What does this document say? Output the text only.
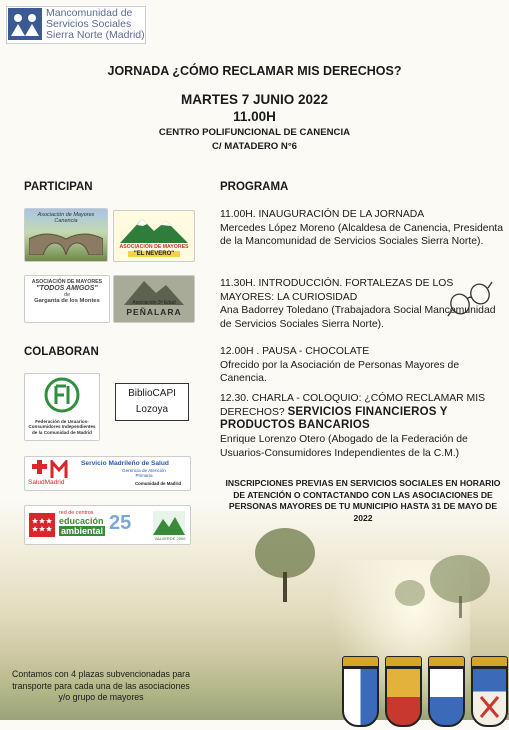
Mancomunidad de
Servicios Sociales
Sierra Norte (Madrid)
JORNADA ¿CÓMO RECLAMAR MIS DERECHOS?
MARTES 7 JUNIO 2022
11.00H
CENTRO POLIFUNCIONAL DE CANENCIA
C/ MATADERO N°6
PARTICIPAN
Asociación de Mayores Canencia
ASOCIACIÓN DE MAYORES
"EL NEVERO"
ASOCIACIÓN DE MAYORES
"TODOS AMIGOS"
de
Garganta de los Montes	Asociación 3ª Edad
PEÑALARA
COLABORAN
Federación de Usuarios-Consumidores Independientes de la Comunidad de Madrid
BiblioCAPI
Lozoya
SaludMadrid
Servicio Madrileño de Salud
Gerencia de Atención Primaria
Comunidad de Madrid
red de centros
educación
ambiental 25
VALVERDE 2000
PROGRAMA
11.00H. INAUGURACIÓN DE LA JORNADA
Mercedes López Moreno (Alcaldesa de Canencia, Presidenta de la Mancomunidad de Servicios Sociales Sierra Norte).
11.30H. INTRODUCCIÓN. FORTALEZAS DE LOS MAYORES: LA CURIOSIDAD
Ana Badorrey Toledano (Trabajadora Social Mancomunidad de Servicios Sociales Sierra Norte).
12.00H . PAUSA - CHOCOLATE
Ofrecido por la Asociación de Personas Mayores de Canencia.
12.30. CHARLA - COLOQUIO: ¿CÓMO RECLAMAR MIS DERECHOS? SERVICIOS FINANCIEROS Y PRODUCTOS BANCARIOS
Enrique Lorenzo Otero (Abogado de la Federación de Usuarios-Consumidores Independientes de la C.M.)
INSCRIPCIONES PREVIAS EN SERVICIOS SOCIALES EN HORARIO DE ATENCIÓN O CONTACTANDO CON LAS ASOCIACIONES DE PERSONAS MAYORES DE TU MUNICIPIO HASTA 31 DE MAYO DE 2022
Contamos con 4 plazas subvencionadas para transporte para cada una de las asociaciones y/o grupo de mayores
